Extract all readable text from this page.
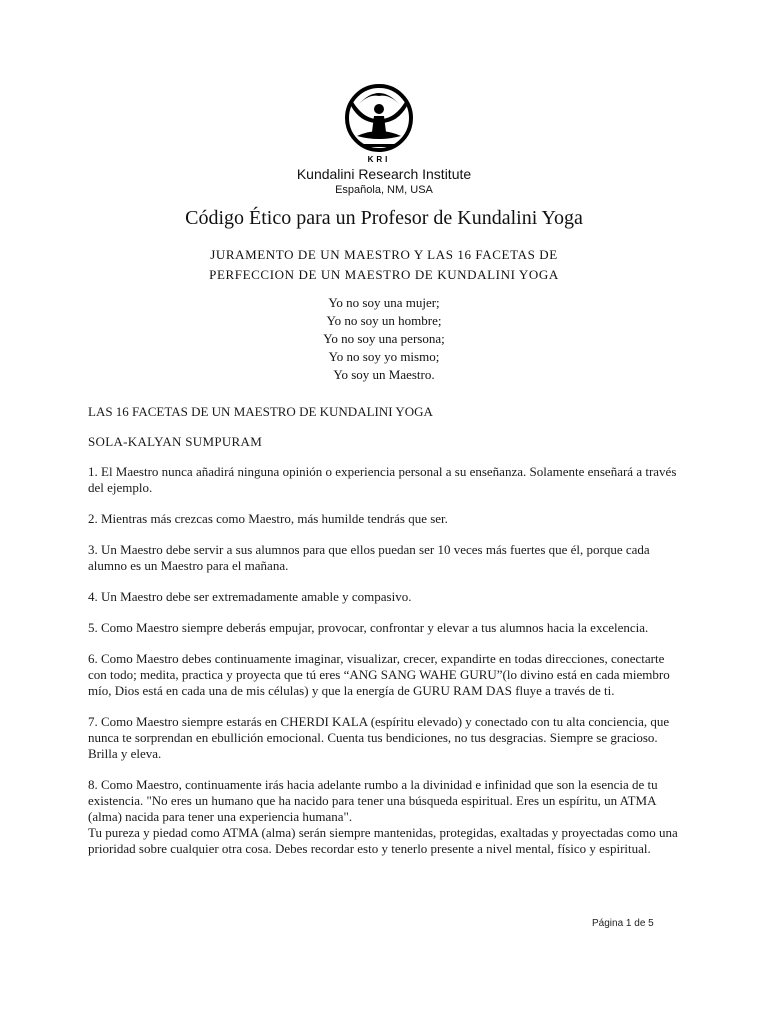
KRI
Kundalini Research Institute
Española, NM, USA
Código Ético para un Profesor de Kundalini Yoga
JURAMENTO DE UN MAESTRO Y LAS 16 FACETAS DE
PERFECCION DE UN MAESTRO DE KUNDALINI YOGA
Yo no soy una mujer;
Yo no soy un hombre;
Yo no soy una persona;
Yo no soy yo mismo;
Yo soy un Maestro.

LAS 16 FACETAS DE UN MAESTRO DE KUNDALINI YOGA

SOLA-KALYAN SUMPURAM

1. El Maestro nunca añadirá ninguna opinión o experiencia personal a su enseñanza. Solamente enseñará a través del ejemplo.

2. Mientras más crezcas como Maestro, más humilde tendrás que ser.

3. Un Maestro debe servir a sus alumnos para que ellos puedan ser 10 veces más fuertes que él, porque cada alumno es un Maestro para el mañana.

4. Un Maestro debe ser extremadamente amable y compasivo.

5. Como Maestro siempre deberás empujar, provocar, confrontar y elevar a tus alumnos hacia la excelencia.

6. Como Maestro debes continuamente imaginar, visualizar, crecer, expandirte en todas direcciones, conectarte con todo; medita, practica y proyecta que tú eres “ANG SANG WAHE GURU”(lo divino está en cada miembro mío, Dios está en cada una de mis células) y que la energía de GURU RAM DAS fluye a través de ti.

7. Como Maestro siempre estarás en CHERDI KALA (espíritu elevado) y conectado con tu alta conciencia, que nunca te sorprendan en ebullición emocional. Cuenta tus bendiciones, no tus desgracias. Siempre se gracioso. Brilla y eleva.

8. Como Maestro, continuamente irás hacia adelante rumbo a la divinidad e infinidad que son la esencia de tu existencia. "No eres un humano que ha nacido para tener una búsqueda espiritual. Eres un espíritu, un ATMA (alma) nacida para tener una experiencia humana".

Tu pureza y piedad como ATMA (alma) serán siempre mantenidas, protegidas, exaltadas y proyectadas como una prioridad sobre cualquier otra cosa. Debes recordar esto y tenerlo presente a nivel mental, físico y espiritual.

Página 1 de 5
